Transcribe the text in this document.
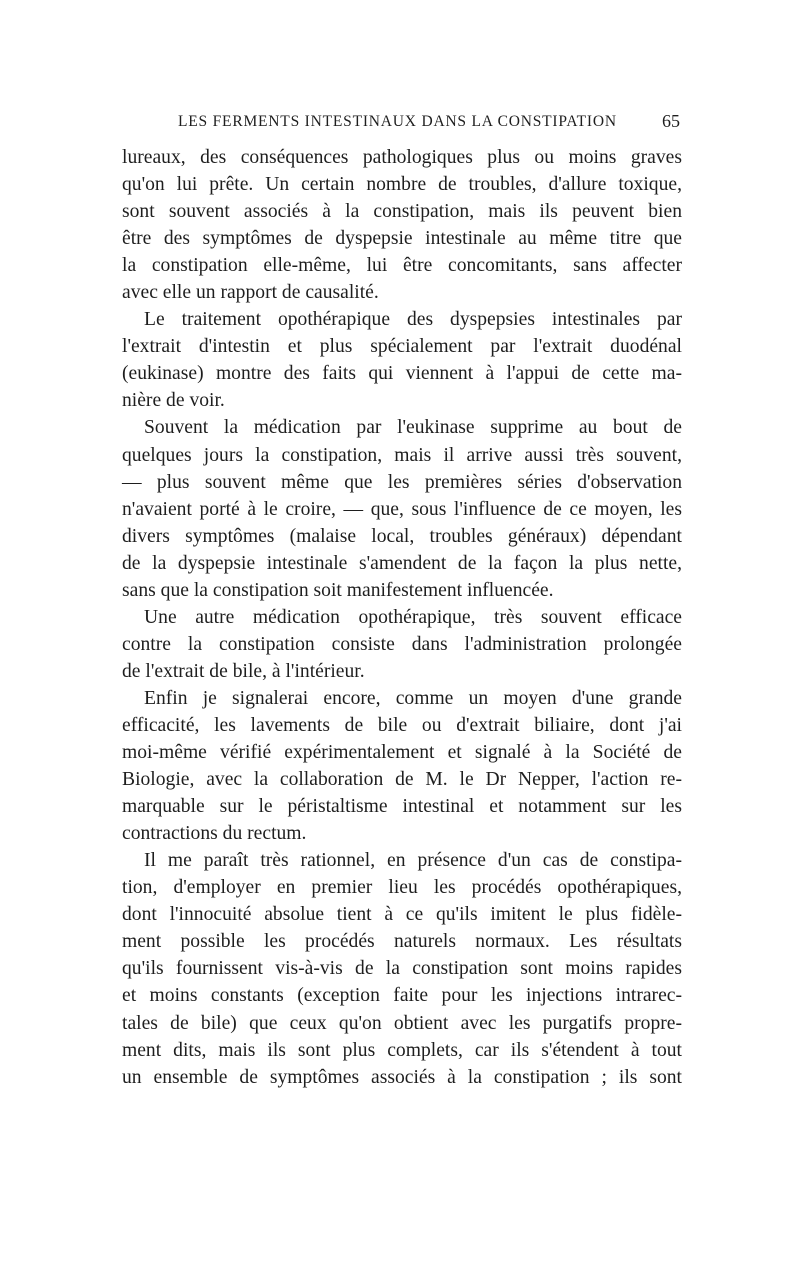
LES FERMENTS INTESTINAUX DANS LA CONSTIPATION	65
lureaux, des conséquences pathologiques plus ou moins graves
qu'on lui prête. Un certain nombre de troubles, d'allure toxique,
sont souvent associés à la constipation, mais ils peuvent bien
être des symptômes de dyspepsie intestinale au même titre que
la constipation elle-même, lui être concomitants, sans affecter
avec elle un rapport de causalité.
Le traitement opothérapique des dyspepsies intestinales par
l'extrait d'intestin et plus spécialement par l'extrait duodénal
(eukinase) montre des faits qui viennent à l'appui de cette ma-
nière de voir.
Souvent la médication par l'eukinase supprime au bout de
quelques jours la constipation, mais il arrive aussi très souvent,
— plus souvent même que les premières séries d'observation
n'avaient porté à le croire, — que, sous l'influence de ce moyen, les
divers symptômes (malaise local, troubles généraux) dépendant
de la dyspepsie intestinale s'amendent de la façon la plus nette,
sans que la constipation soit manifestement influencée.
Une autre médication opothérapique, très souvent efficace
contre la constipation consiste dans l'administration prolongée
de l'extrait de bile, à l'intérieur.
Enfin je signalerai encore, comme un moyen d'une grande
efficacité, les lavements de bile ou d'extrait biliaire, dont j'ai
moi-même vérifié expérimentalement et signalé à la Société de
Biologie, avec la collaboration de M. le Dr Nepper, l'action re-
marquable sur le péristaltisme intestinal et notamment sur les
contractions du rectum.
Il me paraît très rationnel, en présence d'un cas de constipa-
tion, d'employer en premier lieu les procédés opothérapiques,
dont l'innocuité absolue tient à ce qu'ils imitent le plus fidèle-
ment possible les procédés naturels normaux. Les résultats
qu'ils fournissent vis-à-vis de la constipation sont moins rapides
et moins constants (exception faite pour les injections intrarec-
tales de bile) que ceux qu'on obtient avec les purgatifs propre-
ment dits, mais ils sont plus complets, car ils s'étendent à tout
un ensemble de symptômes associés à la constipation ; ils sont
